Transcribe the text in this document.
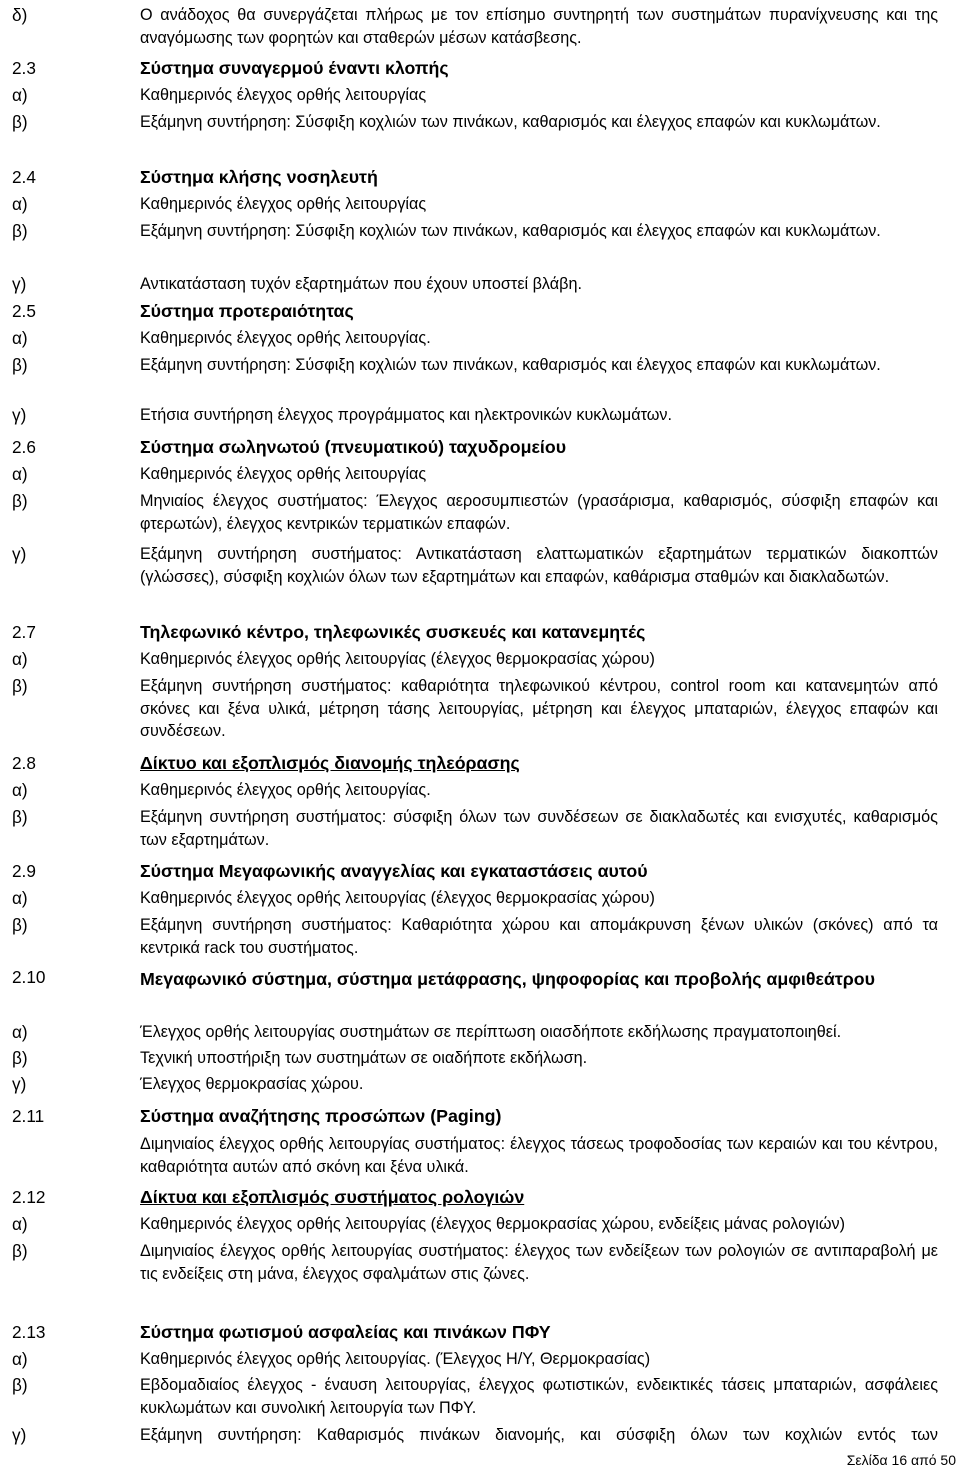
δ)	Ο ανάδοχος θα συνεργάζεται πλήρως με τον επίσημο συντηρητή των συστημάτων πυρανίχνευσης και της αναγόμωσης των φορητών και σταθερών μέσων κατάσβεσης.
2.3	Σύστημα συναγερμού έναντι κλοπής
α)	Καθημερινός έλεγχος ορθής λειτουργίας
β)	Εξάμηνη συντήρηση: Σύσφιξη κοχλιών των πινάκων, καθαρισμός και έλεγχος επαφών και κυκλωμάτων.
2.4	Σύστημα κλήσης νοσηλευτή
α)	Καθημερινός έλεγχος ορθής λειτουργίας
β)	Εξάμηνη συντήρηση: Σύσφιξη κοχλιών των πινάκων, καθαρισμός και έλεγχος επαφών και κυκλωμάτων.
γ)	Αντικατάσταση τυχόν εξαρτημάτων που έχουν υποστεί βλάβη.
2.5	Σύστημα προτεραιότητας
α)	Καθημερινός έλεγχος ορθής λειτουργίας.
β)	Εξάμηνη συντήρηση: Σύσφιξη κοχλιών των πινάκων, καθαρισμός και έλεγχος επαφών και κυκλωμάτων.
γ)	Ετήσια συντήρηση έλεγχος προγράμματος και ηλεκτρονικών κυκλωμάτων.
2.6	Σύστημα σωληνωτού (πνευματικού) ταχυδρομείου
α)	Καθημερινός έλεγχος ορθής λειτουργίας
β)	Μηνιαίος έλεγχος συστήματος: Έλεγχος αεροσυμπιεστών (γρασάρισμα, καθαρισμός, σύσφιξη επαφών και φτερωτών), έλεγχος κεντρικών τερματικών επαφών.
γ)	Εξάμηνη συντήρηση συστήματος: Αντικατάσταση ελαττωματικών εξαρτημάτων τερματικών διακοπτών (γλώσσες), σύσφιξη κοχλιών όλων των εξαρτημάτων και επαφών, καθάρισμα σταθμών και διακλαδωτών.
2.7	Τηλεφωνικό κέντρο, τηλεφωνικές συσκευές και κατανεμητές
α)	Καθημερινός έλεγχος ορθής λειτουργίας (έλεγχος θερμοκρασίας χώρου)
β)	Εξάμηνη συντήρηση συστήματος: καθαριότητα τηλεφωνικού κέντρου, control room και κατανεμητών από σκόνες και ξένα υλικά, μέτρηση τάσης λειτουργίας, μέτρηση και έλεγχος μπαταριών, έλεγχος επαφών και συνδέσεων.
2.8	Δίκτυο και εξοπλισμός διανομής τηλεόρασης
α)	Καθημερινός έλεγχος ορθής λειτουργίας.
β)	Εξάμηνη συντήρηση συστήματος: σύσφιξη όλων των συνδέσεων σε διακλαδωτές και ενισχυτές, καθαρισμός των εξαρτημάτων.
2.9	Σύστημα Μεγαφωνικής αναγγελίας και εγκαταστάσεις αυτού
α)	Καθημερινός έλεγχος ορθής λειτουργίας (έλεγχος θερμοκρασίας χώρου)
β)	Εξάμηνη συντήρηση συστήματος: Καθαριότητα χώρου και απομάκρυνση ξένων υλικών (σκόνες) από τα κεντρικά rack του συστήματος.
2.10	Μεγαφωνικό σύστημα, σύστημα μετάφρασης, ψηφοφορίας και προβολής αμφιθεάτρου
α)	Έλεγχος ορθής λειτουργίας συστημάτων σε περίπτωση οιασδήποτε εκδήλωσης πραγματοποιηθεί.
β)	Τεχνική υποστήριξη των συστημάτων σε οιαδήποτε εκδήλωση.
γ)	Έλεγχος θερμοκρασίας χώρου.
2.11	Σύστημα αναζήτησης προσώπων (Paging)
Διμηνιαίος έλεγχος ορθής λειτουργίας συστήματος: έλεγχος τάσεως τροφοδοσίας των κεραιών και του κέντρου, καθαριότητα αυτών από σκόνη και ξένα υλικά.
2.12	Δίκτυα και εξοπλισμός συστήματος ρολογιών
α)	Καθημερινός έλεγχος ορθής λειτουργίας (έλεγχος θερμοκρασίας χώρου, ενδείξεις μάνας ρολογιών)
β)	Διμηνιαίος έλεγχος ορθής λειτουργίας συστήματος: έλεγχος των ενδείξεων των ρολογιών σε αντιπαραβολή με τις ενδείξεις στη μάνα, έλεγχος σφαλμάτων στις ζώνες.
2.13	Σύστημα φωτισμού ασφαλείας και πινάκων ΠΦΥ
α)	Καθημερινός έλεγχος ορθής λειτουργίας. (Έλεγχος Η/Υ, Θερμοκρασίας)
β)	Εβδομαδιαίος έλεγχος - έναυση λειτουργίας, έλεγχος φωτιστικών, ενδεικτικές τάσεις μπαταριών, ασφάλειες κυκλωμάτων και συνολική λειτουργία των ΠΦΥ.
γ)	Εξάμηνη συντήρηση: Καθαρισμός πινάκων διανομής, και σύσφιξη όλων των κοχλιών εντός των
Σελίδα 16 από 50
